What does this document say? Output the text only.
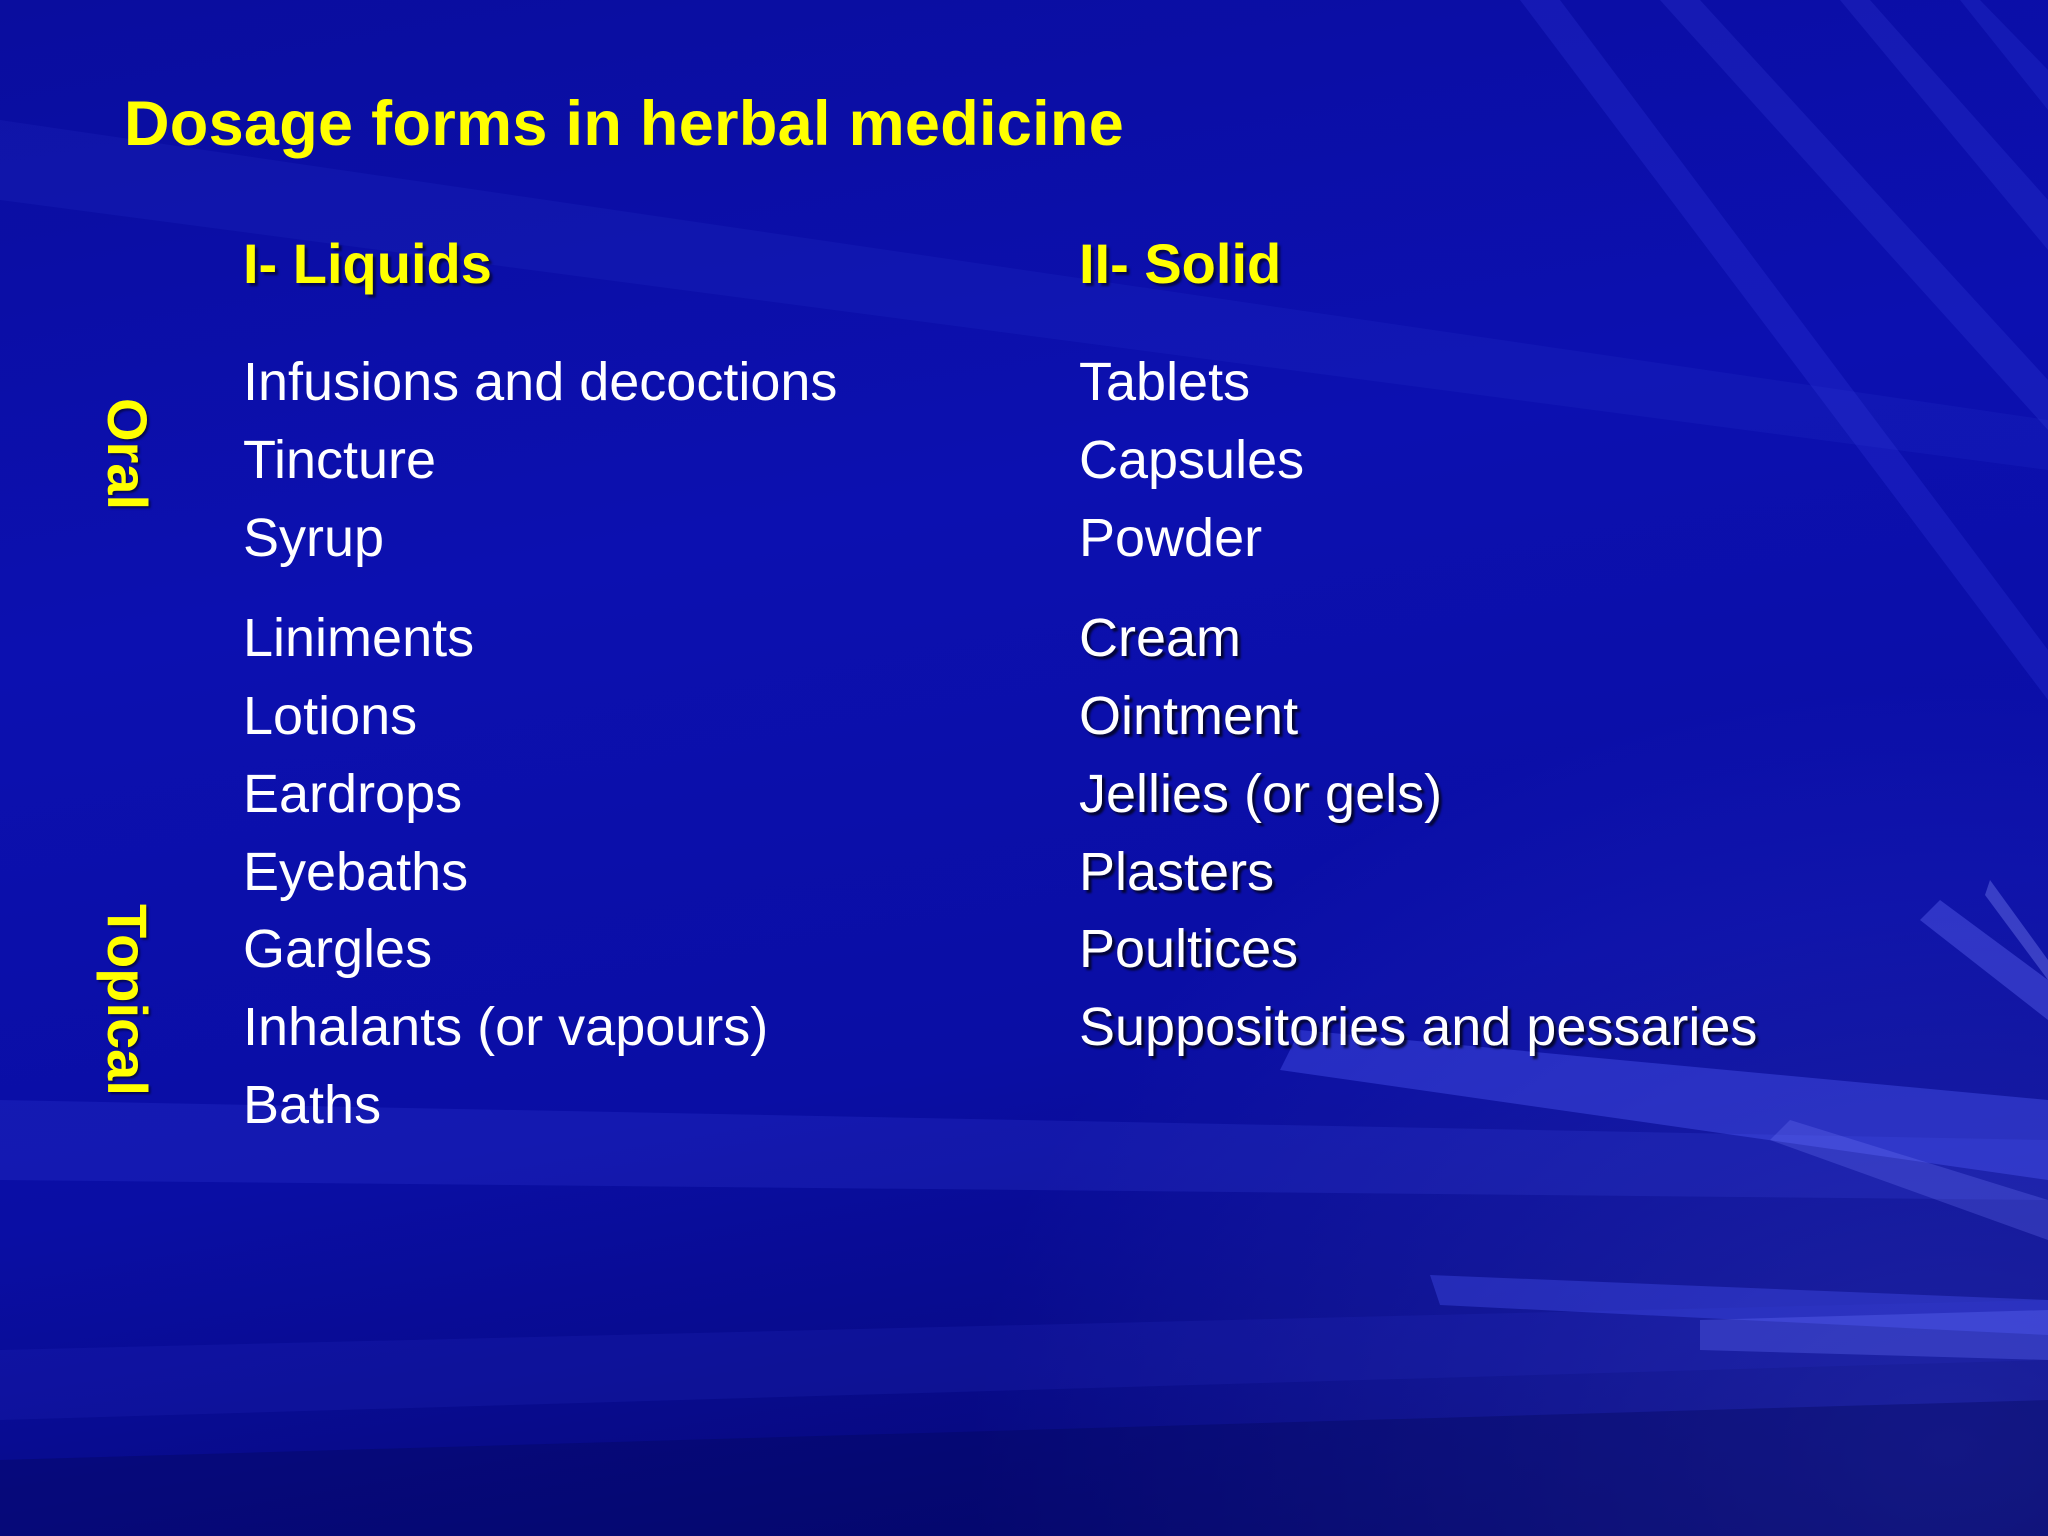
Dosage forms in herbal medicine
I- Liquids	II- Solid
Oral
Topical
Infusions and decoctions
Tincture
Syrup
Liniments
Lotions
Eardrops
Eyebaths
Gargles
Inhalants (or vapours)
Baths
Tablets
Capsules
Powder
Cream
Ointment
Jellies (or gels)
Plasters
Poultices
Suppositories and pessaries
